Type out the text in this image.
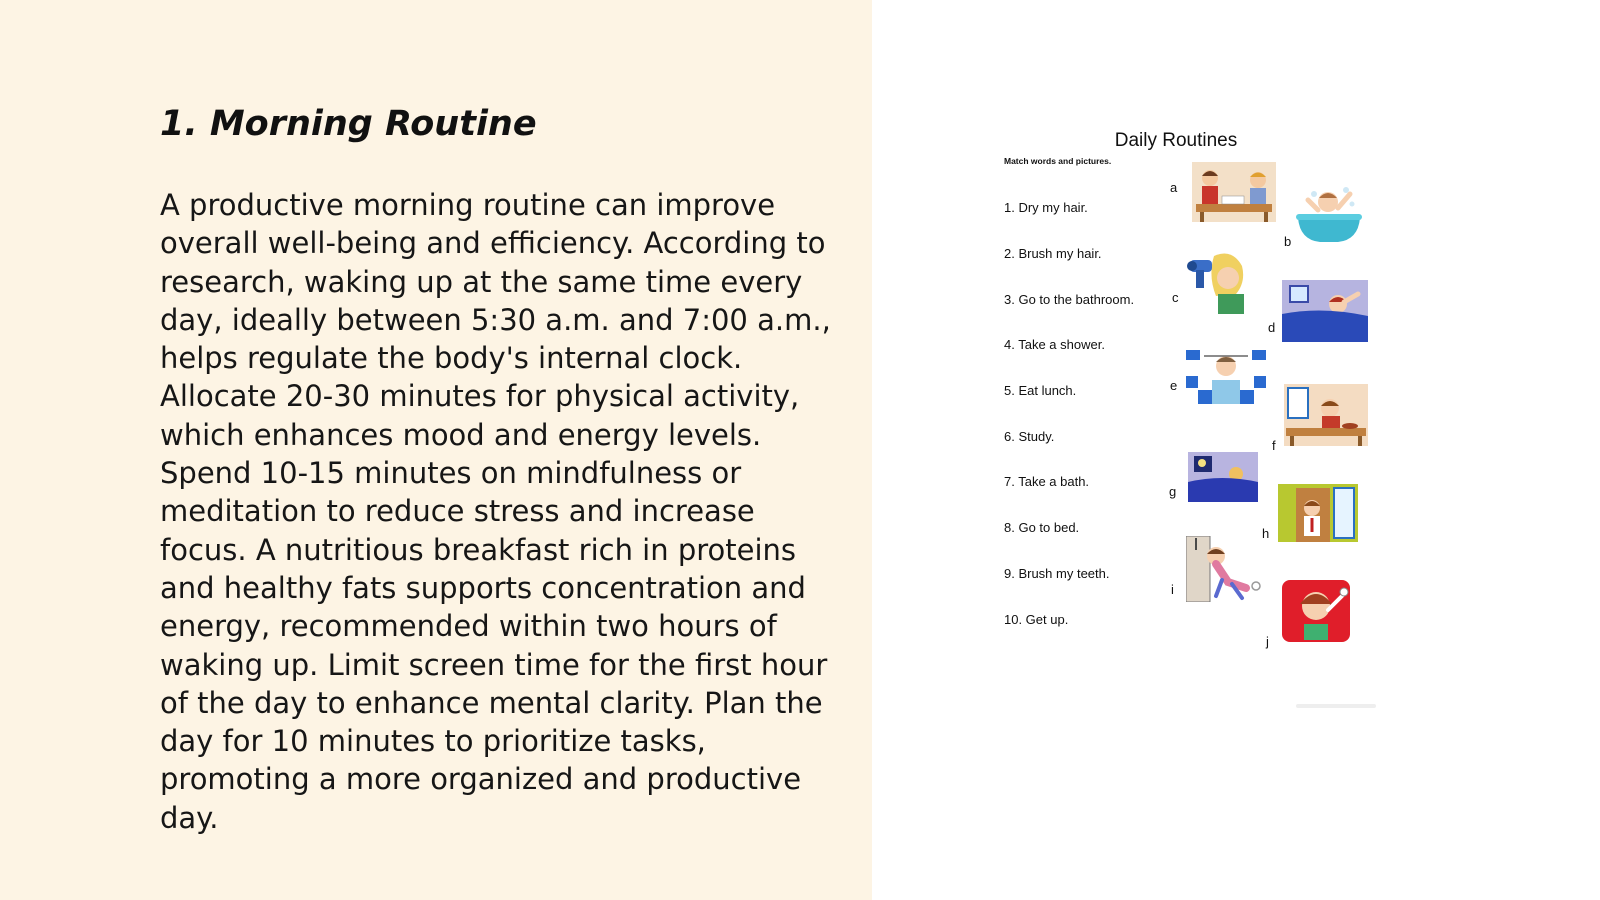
1. Morning Routine

A productive morning routine can improve overall well-being and efficiency. According to research, waking up at the same time every day, ideally between 5:30 a.m. and 7:00 a.m., helps regulate the body's internal clock. Allocate 20-30 minutes for physical activity, which enhances mood and energy levels. Spend 10-15 minutes on mindfulness or meditation to reduce stress and increase focus. A nutritious breakfast rich in proteins and healthy fats supports concentration and energy, recommended within two hours of waking up. Limit screen time for the first hour of the day to enhance mental clarity. Plan the day for 10 minutes to prioritize tasks, promoting a more organized and productive day.

Daily Routines
Match words and pictures.
1. Dry my hair.
2. Brush my hair.
3. Go to the bathroom.
4. Take a shower.
5. Eat lunch.
6. Study.
7. Take a bath.
8. Go to bed.
9. Brush my teeth.
10. Get up.
a
b
c
d
e
f
g
h
i
j
